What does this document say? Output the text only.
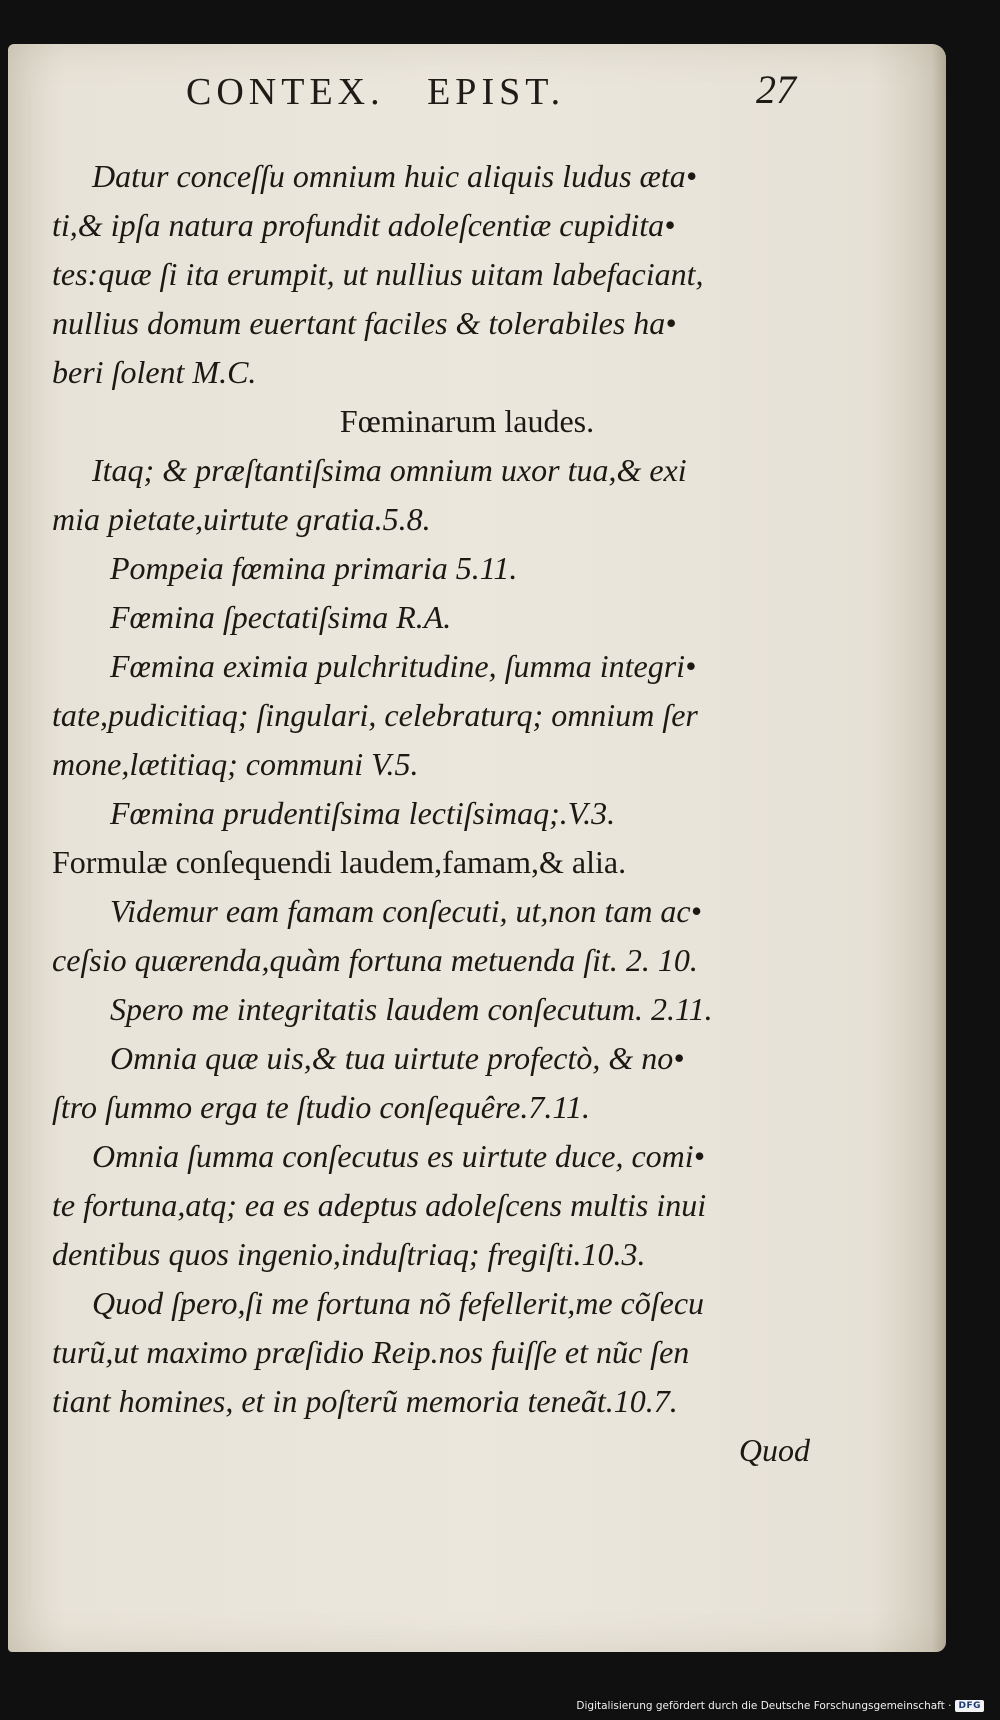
CONTEX. EPIST.	27
Datur conceſſu omnium huic aliquis ludus æta•
ti,& ipſa natura profundit adoleſcentiæ cupidita•
tes:quæ ſi ita erumpit, ut nullius uitam labefaciant,
nullius domum euertant faciles & tolerabiles ha•
beri ſolent M.C.
Fœminarum laudes.
Itaq; & præſtantiſsima omnium uxor tua,& exi
mia pietate,uirtute gratia.5.8.
Pompeia fœmina primaria 5.11.
Fœmina ſpectatiſsima R.A.
Fœmina eximia pulchritudine, ſumma integri•
tate,pudicitiaq; ſingulari, celebraturq; omnium ſer
mone,lætitiaq; communi V.5.
Fœmina prudentiſsima lectiſsimaq;.V.3.
Formulæ conſequendi laudem,famam,& alia.
Videmur eam famam conſecuti, ut,non tam ac•
ceſsio quærenda,quàm fortuna metuenda ſit. 2. 10.
Spero me integritatis laudem conſecutum. 2.11.
Omnia quæ uis,& tua uirtute profectò, & no•
ſtro ſummo erga te ſtudio conſequêre.7.11.
Omnia ſumma conſecutus es uirtute duce, comi•
te fortuna,atq; ea es adeptus adoleſcens multis inui
dentibus quos ingenio,induſtriaq; fregiſti.10.3.
Quod ſpero,ſi me fortuna nõ fefellerit,me cõſecu
turũ,ut maximo præſidio Reip.nos fuiſſe et nũc ſen
tiant homines, et in poſterũ memoria teneãt.10.7.
Quod
Digitalisierung gefördert durch die Deutsche Forschungsgemeinschaft · DFG
